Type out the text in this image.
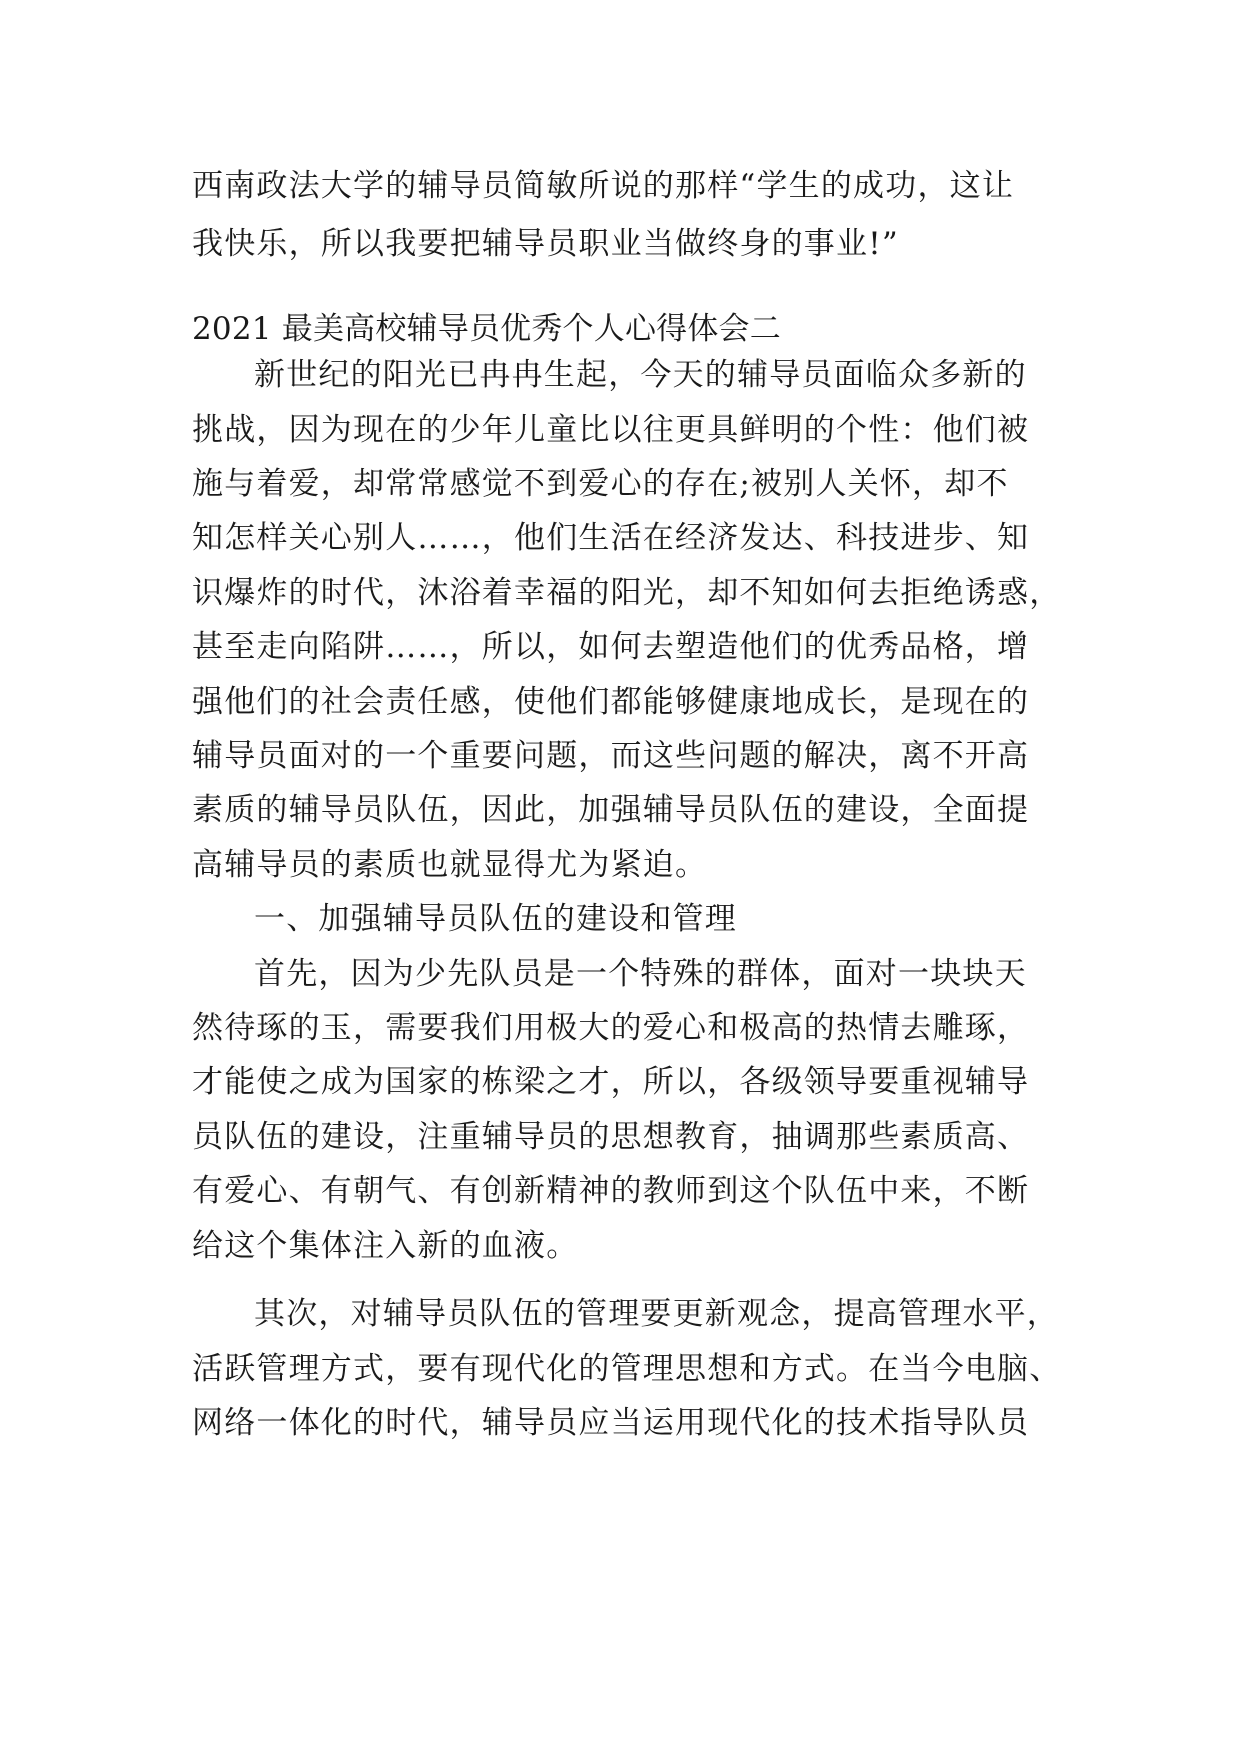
西南政法大学的辅导员简敏所说的那样“学生的成功，这让
我快乐，所以我要把辅导员职业当做终身的事业!”
2021 最美高校辅导员优秀个人心得体会二
新世纪的阳光已冉冉生起，今天的辅导员面临众多新的
挑战，因为现在的少年儿童比以往更具鲜明的个性：他们被
施与着爱，却常常感觉不到爱心的存在;被别人关怀，却不
知怎样关心别人……，他们生活在经济发达、科技进步、知
识爆炸的时代，沐浴着幸福的阳光，却不知如何去拒绝诱惑，
甚至走向陷阱……，所以，如何去塑造他们的优秀品格，增
强他们的社会责任感，使他们都能够健康地成长，是现在的
辅导员面对的一个重要问题，而这些问题的解决，离不开高
素质的辅导员队伍，因此，加强辅导员队伍的建设，全面提
高辅导员的素质也就显得尤为紧迫。
一、加强辅导员队伍的建设和管理
首先，因为少先队员是一个特殊的群体，面对一块块天
然待琢的玉，需要我们用极大的爱心和极高的热情去雕琢，
才能使之成为国家的栋梁之才，所以，各级领导要重视辅导
员队伍的建设，注重辅导员的思想教育，抽调那些素质高、
有爱心、有朝气、有创新精神的教师到这个队伍中来，不断
给这个集体注入新的血液。
其次，对辅导员队伍的管理要更新观念，提高管理水平，
活跃管理方式，要有现代化的管理思想和方式。在当今电脑、
网络一体化的时代，辅导员应当运用现代化的技术指导队员
